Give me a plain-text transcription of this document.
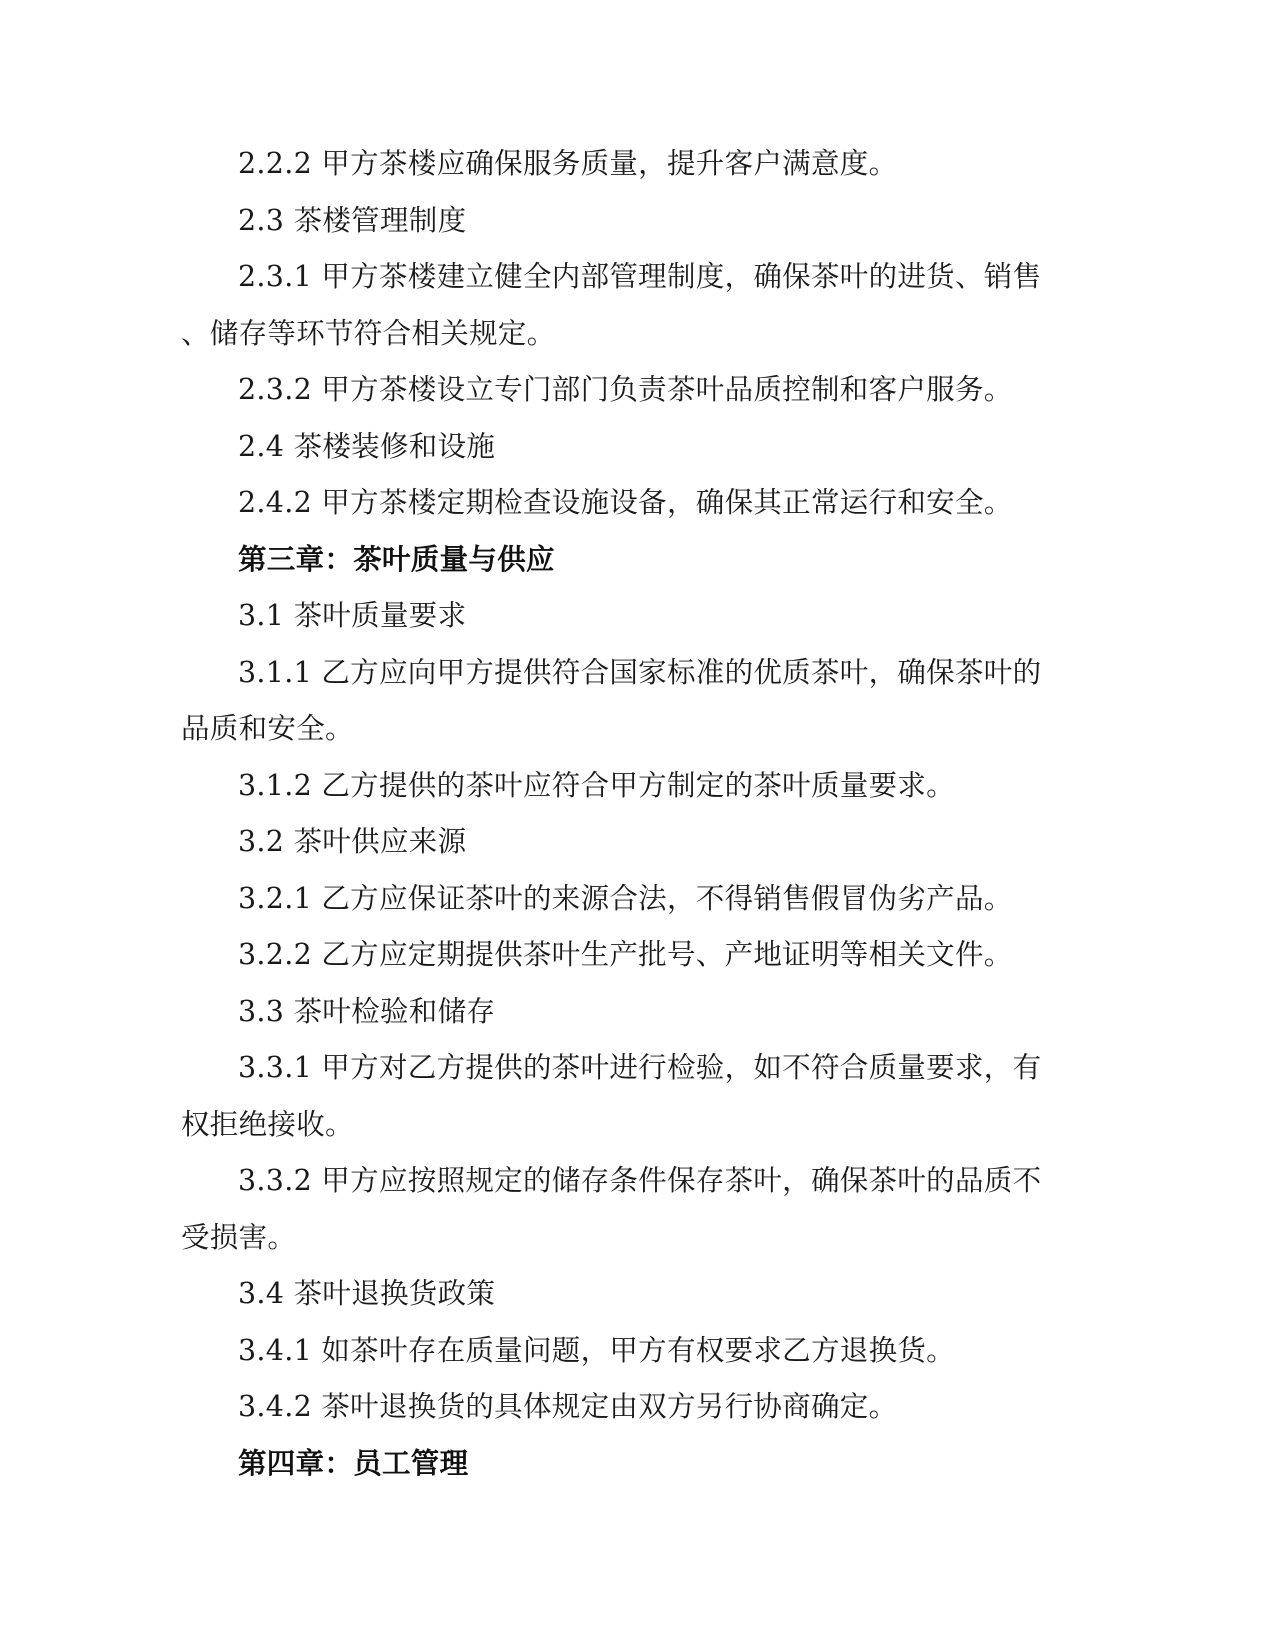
2.2.2 甲方茶楼应确保服务质量，提升客户满意度。

2.3 茶楼管理制度

2.3.1 甲方茶楼建立健全内部管理制度，确保茶叶的进货、销售

、储存等环节符合相关规定。

2.3.2 甲方茶楼设立专门部门负责茶叶品质控制和客户服务。

2.4 茶楼装修和设施

2.4.2 甲方茶楼定期检查设施设备，确保其正常运行和安全。

第三章：茶叶质量与供应

3.1 茶叶质量要求

3.1.1 乙方应向甲方提供符合国家标准的优质茶叶，确保茶叶的

品质和安全。

3.1.2 乙方提供的茶叶应符合甲方制定的茶叶质量要求。

3.2 茶叶供应来源

3.2.1 乙方应保证茶叶的来源合法，不得销售假冒伪劣产品。

3.2.2 乙方应定期提供茶叶生产批号、产地证明等相关文件。

3.3 茶叶检验和储存

3.3.1 甲方对乙方提供的茶叶进行检验，如不符合质量要求，有

权拒绝接收。

3.3.2 甲方应按照规定的储存条件保存茶叶，确保茶叶的品质不

受损害。

3.4 茶叶退换货政策

3.4.1 如茶叶存在质量问题，甲方有权要求乙方退换货。

3.4.2 茶叶退换货的具体规定由双方另行协商确定。

第四章：员工管理
